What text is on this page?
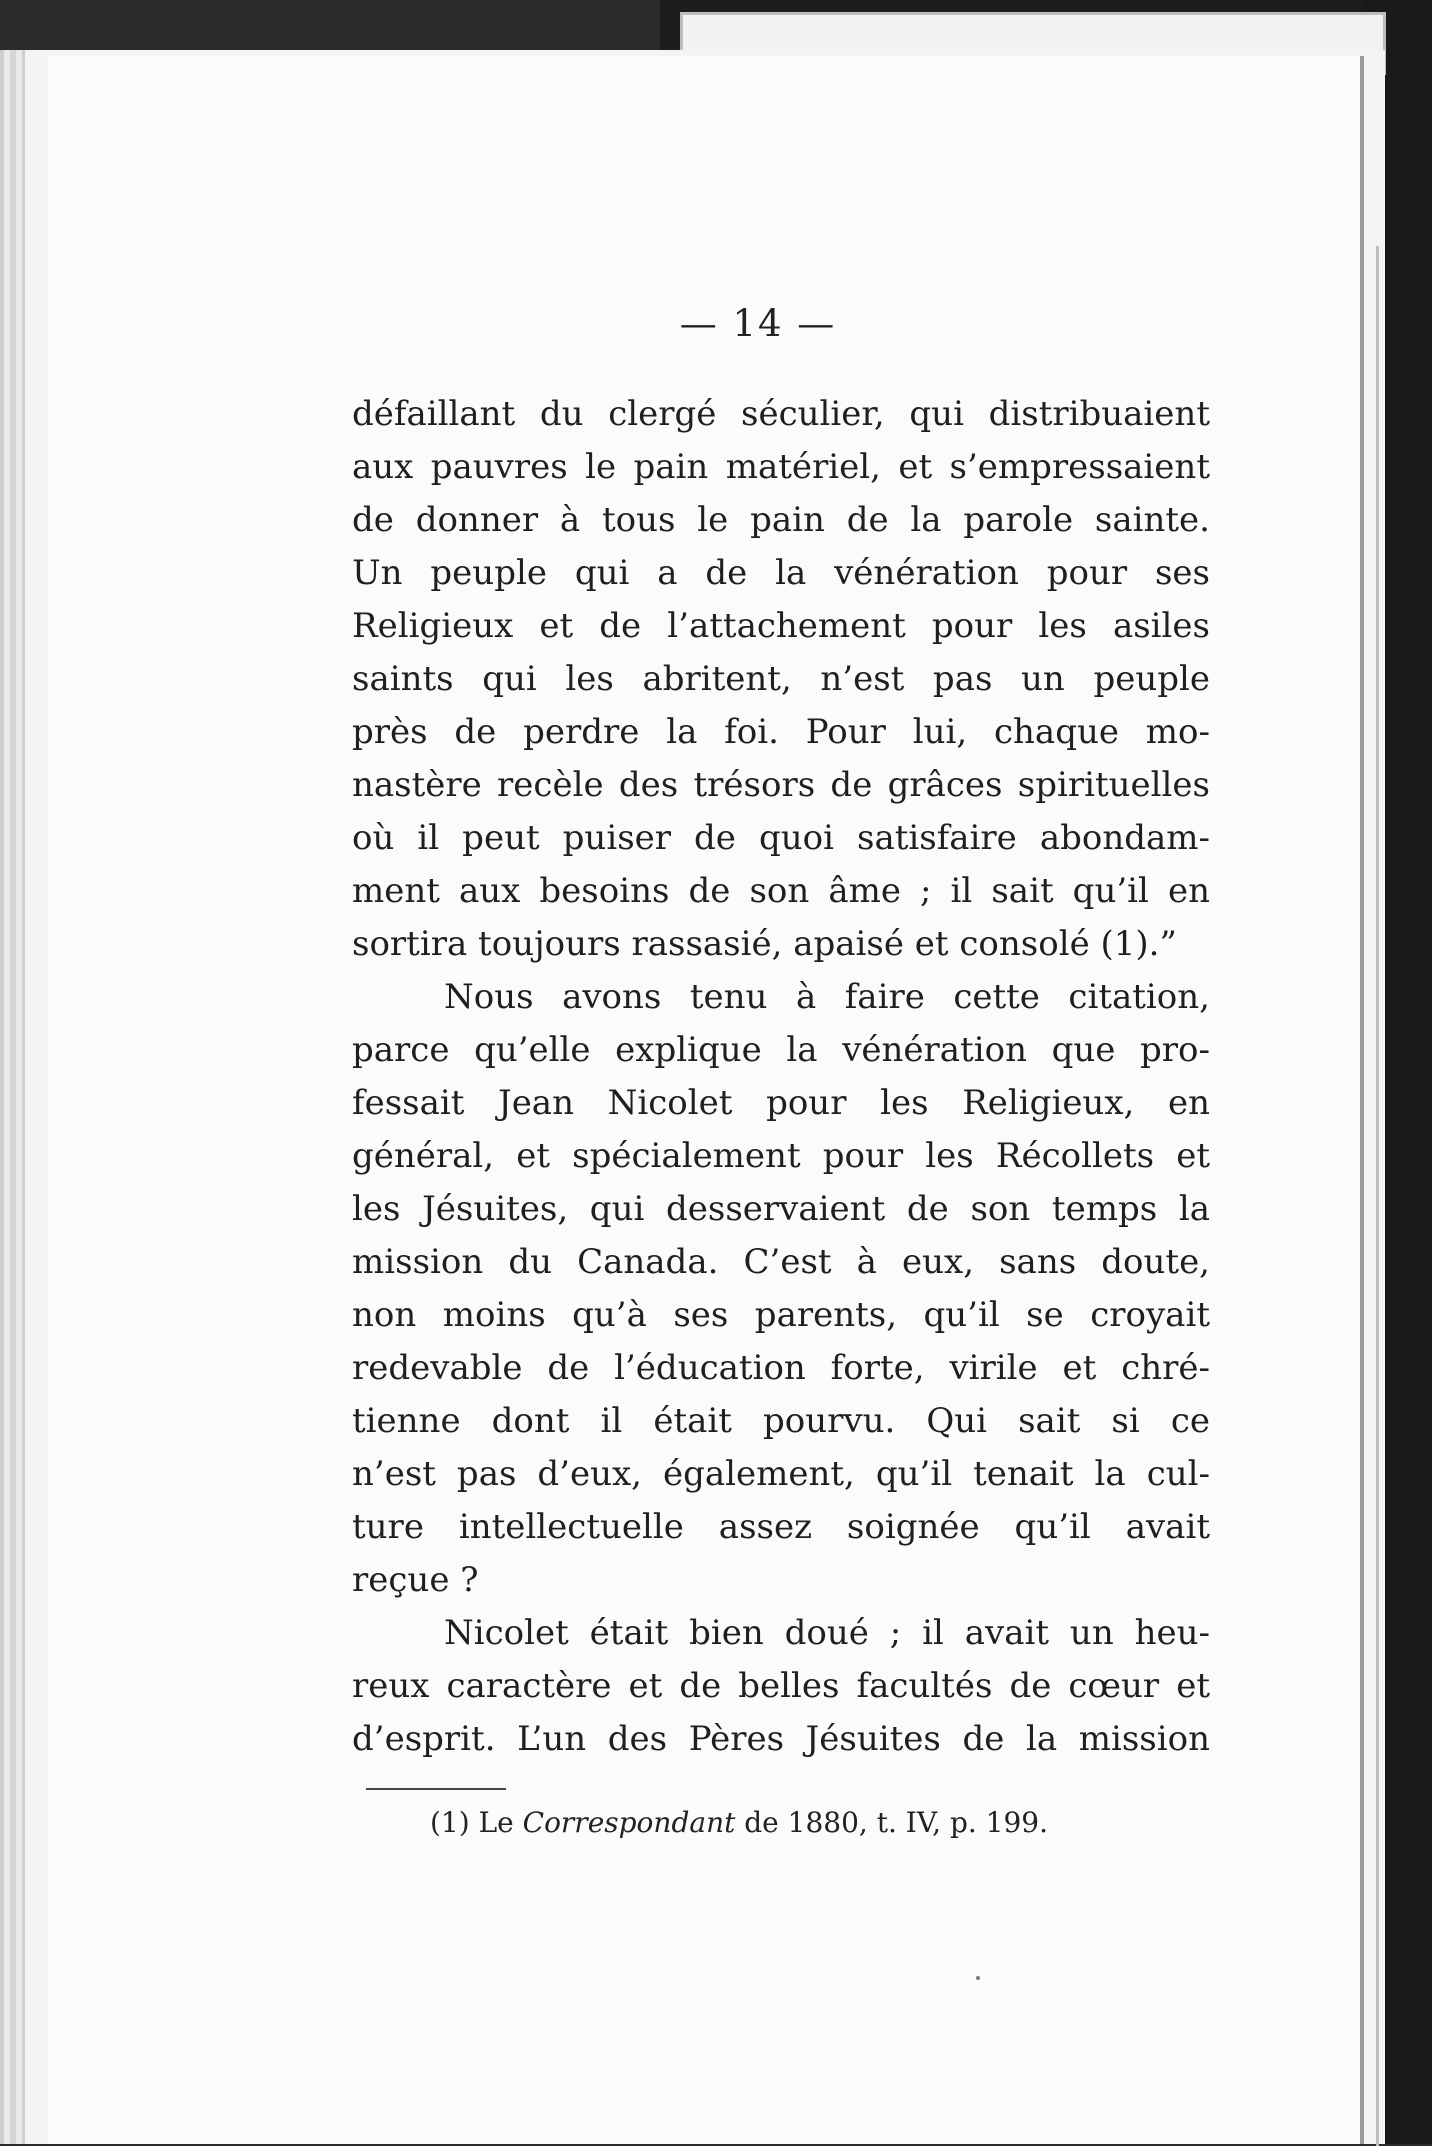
— 14 —
défaillant du clergé séculier, qui distribuaient
aux pauvres le pain matériel, et s’empressaient
de donner à tous le pain de la parole sainte.
Un peuple qui a de la vénération pour ses
Religieux et de l’attachement pour les asiles
saints qui les abritent, n’est pas un peuple
près de perdre la foi. Pour lui, chaque mo-
nastère recèle des trésors de grâces spirituelles
où il peut puiser de quoi satisfaire abondam-
ment aux besoins de son âme ; il sait qu’il en
sortira toujours rassasié, apaisé et consolé (1).”
Nous avons tenu à faire cette citation,
parce qu’elle explique la vénération que pro-
fessait Jean Nicolet pour les Religieux, en
général, et spécialement pour les Récollets et
les Jésuites, qui desservaient de son temps la
mission du Canada. C’est à eux, sans doute,
non moins qu’à ses parents, qu’il se croyait
redevable de l’éducation forte, virile et chré-
tienne dont il était pourvu. Qui sait si ce
n’est pas d’eux, également, qu’il tenait la cul-
ture intellectuelle assez soignée qu’il avait
reçue ?
Nicolet était bien doué ; il avait un heu-
reux caractère et de belles facultés de cœur et
d’esprit. L’un des Pères Jésuites de la mission
(1) Le Correspondant de 1880, t. IV, p. 199.
